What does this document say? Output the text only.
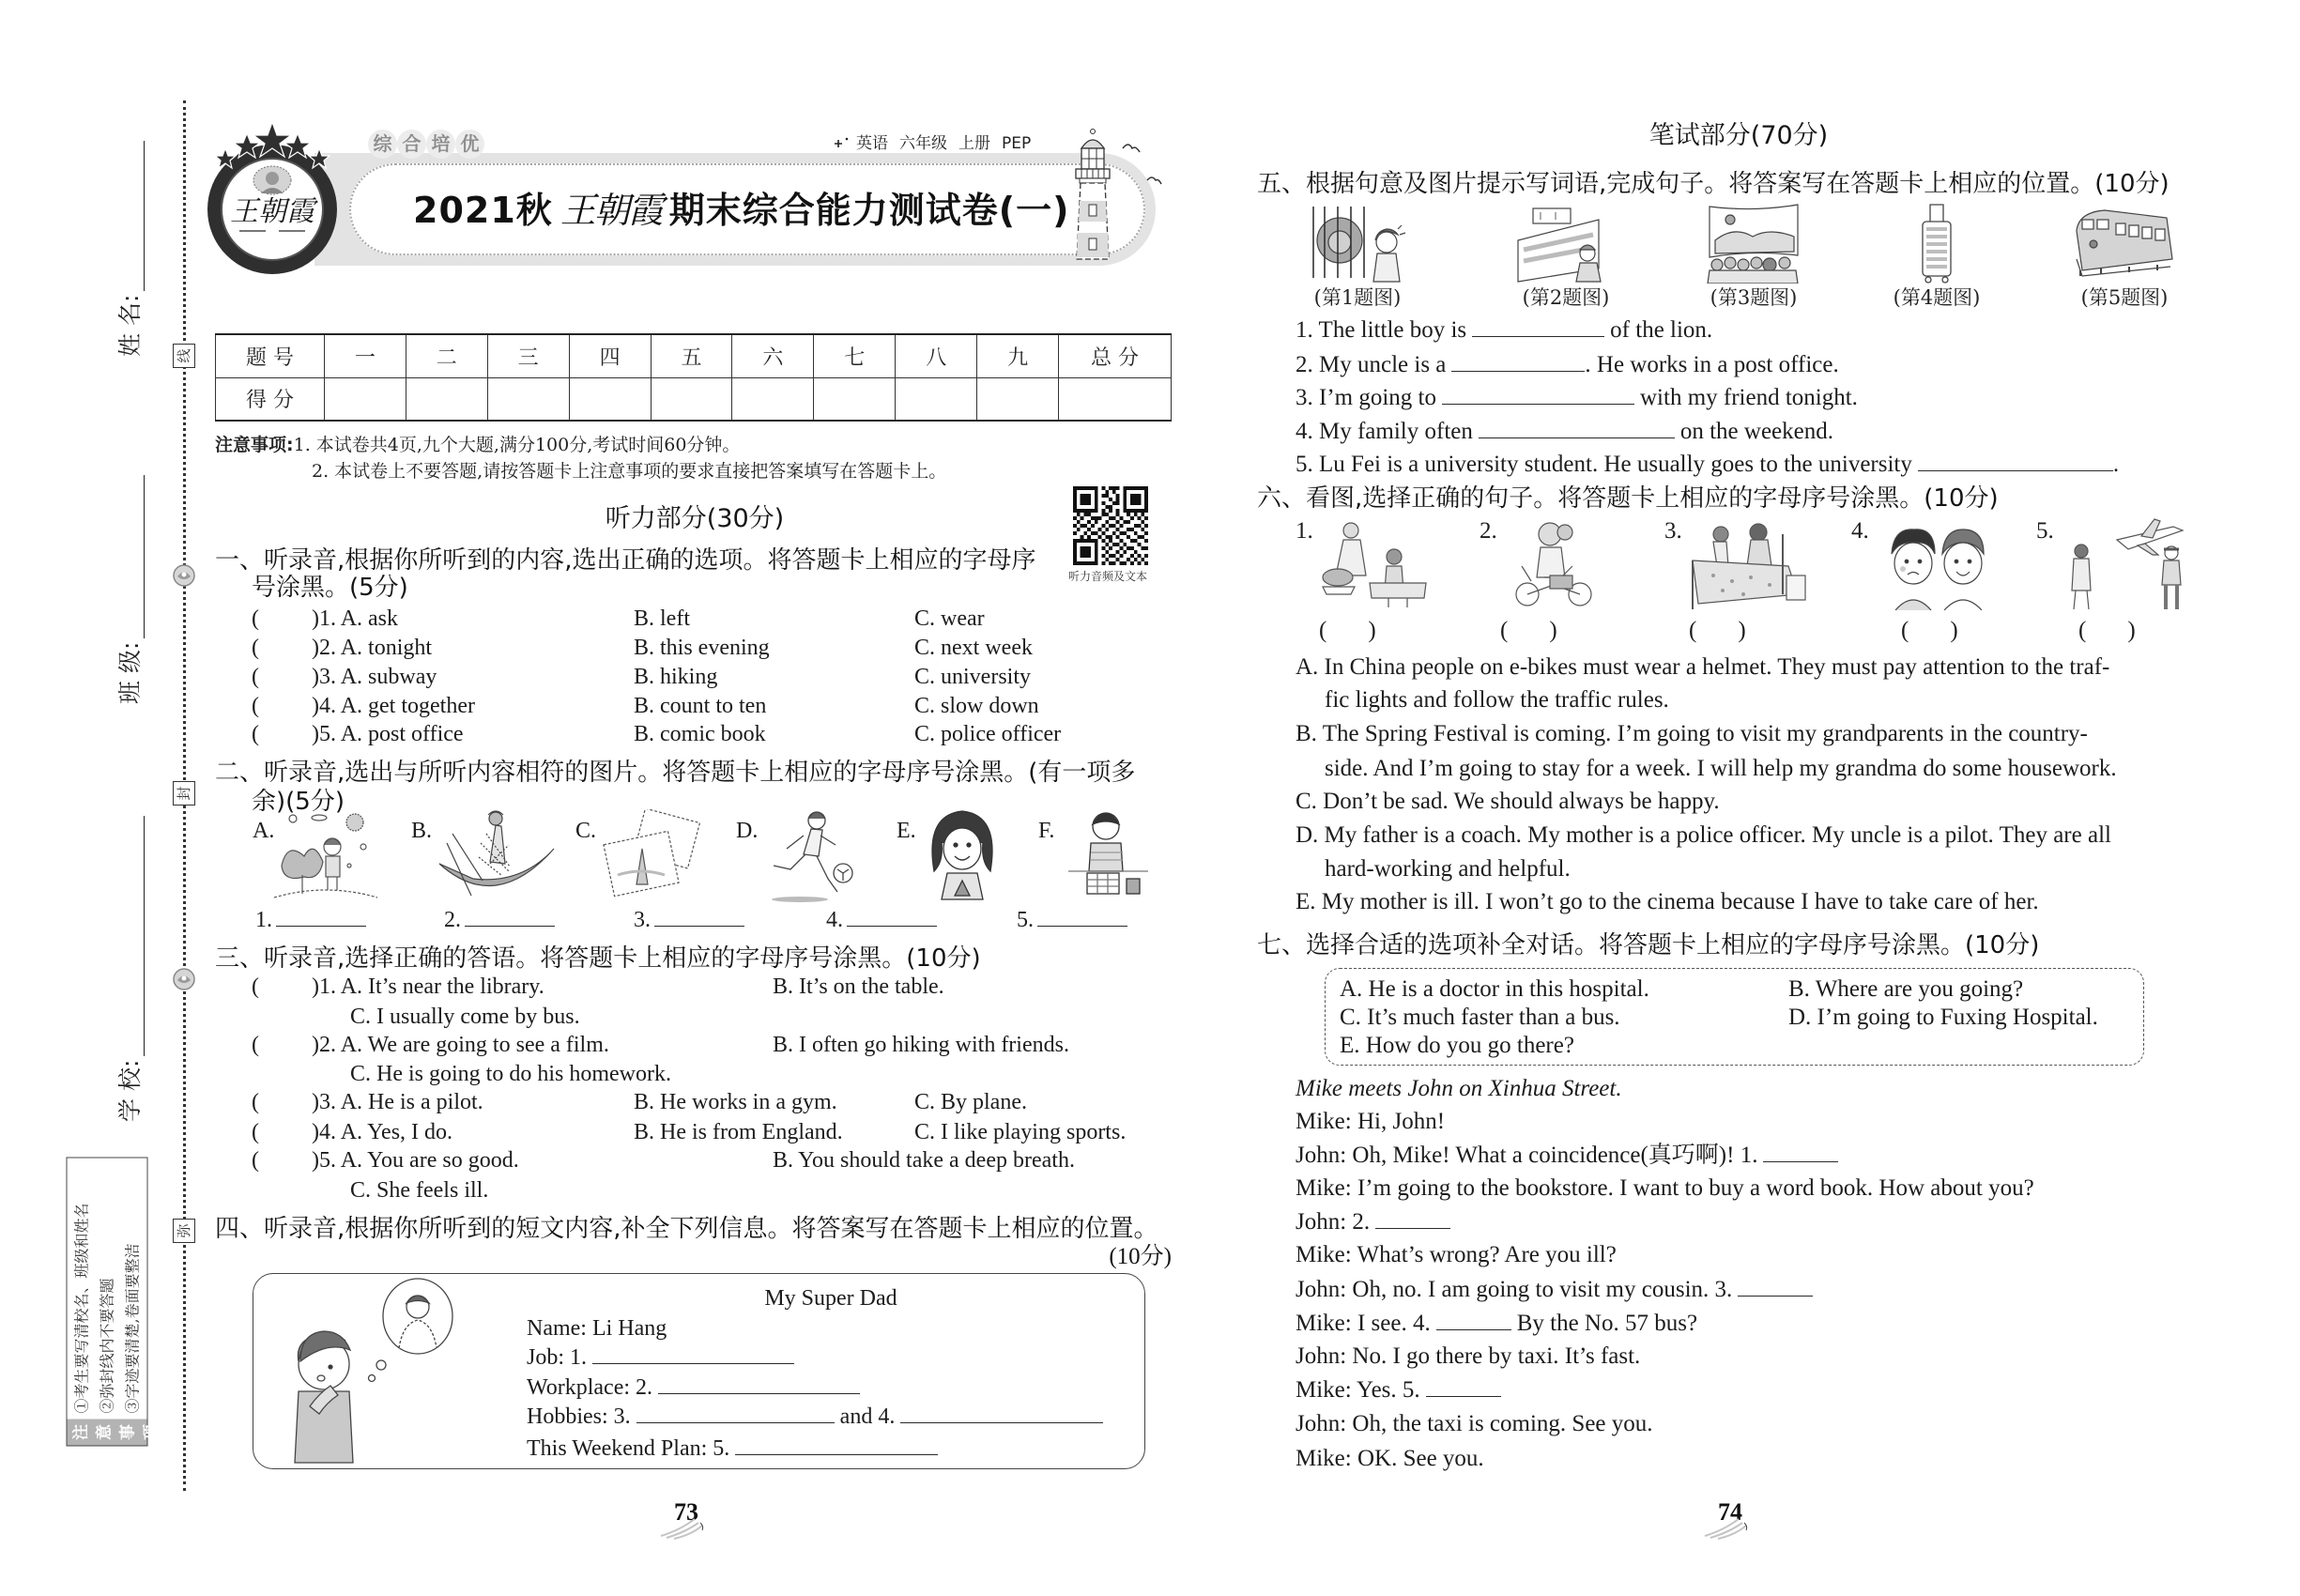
姓 名:
班 级:
学 校:
线
封
弥
注 意 事 项
①考生要写清校名、班级和姓名 ②弥封线内不要答题 ③字迹要清楚,卷面要整洁
王朝霞
综 合 培 优	英语 六年级 上册 PEP
2021秋 王朝霞 期末综合能力测试卷(一)
题 号	一	二	三	四	五	六	七	八	九	总 分
得 分										
注意事项:1. 本试卷共4页,九个大题,满分100分,考试时间60分钟。
2. 本试卷上不要答题,请按答题卡上注意事项的要求直接把答案填写在答题卡上。
听力部分(30分)
听力音频及文本
一、听录音,根据你所听到的内容,选出正确的选项。将答题卡上相应的字母序
号涂黑。(5分)
( )1. A. ask	B. left	C. wear
( )2. A. tonight	B. this evening	C. next week
( )3. A. subway	B. hiking	C. university
( )4. A. get together	B. count to ten	C. slow down
( )5. A. post office	B. comic book	C. police officer
二、听录音,选出与所听内容相符的图片。将答题卡上相应的字母序号涂黑。(有一项多
余)(5分)
A.	B.	C.	D.	E.	F.
1.	2.	3.	4.	5.
三、听录音,选择正确的答语。将答题卡上相应的字母序号涂黑。(10分)
( )1. A. It’s near the library.	B. It’s on the table.
C. I usually come by bus.
( )2. A. We are going to see a film.	B. I often go hiking with friends.
C. He is going to do his homework.
( )3. A. He is a pilot.	B. He works in a gym.	C. By plane.
( )4. A. Yes, I do.	B. He is from England.	C. I like playing sports.
( )5. A. You are so good.	B. You should take a deep breath.
C. She feels ill.
四、听录音,根据你所听到的短文内容,补全下列信息。将答案写在答题卡上相应的位置。
(10分)
My Super Dad
Name: Li Hang
Job: 1.
Workplace: 2.
Hobbies: 3.	and 4.
This Weekend Plan: 5.
73
笔试部分(70分)
五、根据句意及图片提示写词语,完成句子。将答案写在答题卡上相应的位置。(10分)
(第1题图)	(第2题图)	(第3题图)	(第4题图)	(第5题图)
1. The little boy is	of the lion.
2. My uncle is a	. He works in a post office.
3. I’m going to	with my friend tonight.
4. My family often	on the weekend.
5. Lu Fei is a university student. He usually goes to the university	.
六、看图,选择正确的句子。将答题卡上相应的字母序号涂黑。(10分)
1.	2.	3.	4.	5.
( )	( )	( )	( )	( )
A. In China people on e-bikes must wear a helmet. They must pay attention to the traf-
fic lights and follow the traffic rules.
B. The Spring Festival is coming. I’m going to visit my grandparents in the country-
side. And I’m going to stay for a week. I will help my grandma do some housework.
C. Don’t be sad. We should always be happy.
D. My father is a coach. My mother is a police officer. My uncle is a pilot. They are all
hard-working and helpful.
E. My mother is ill. I won’t go to the cinema because I have to take care of her.
七、选择合适的选项补全对话。将答题卡上相应的字母序号涂黑。(10分)
A. He is a doctor in this hospital.	B. Where are you going?
C. It’s much faster than a bus.	D. I’m going to Fuxing Hospital.
E. How do you go there?
Mike meets John on Xinhua Street.
Mike: Hi, John!
John: Oh, Mike! What a coincidence(真巧啊)! 1.
Mike: I’m going to the bookstore. I want to buy a word book. How about you?
John: 2.
Mike: What’s wrong? Are you ill?
John: Oh, no. I am going to visit my cousin. 3.
Mike: I see. 4.	By the No. 57 bus?
John: No. I go there by taxi. It’s fast.
Mike: Yes. 5.
John: Oh, the taxi is coming. See you.
Mike: OK. See you.
74
